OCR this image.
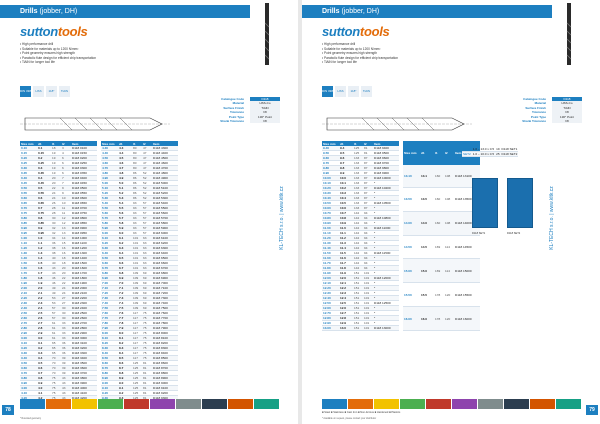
Drills (jobber, DH)
suttontools
• High performance drill
• Suitable for materials up to 1200 N/mm²
• Point geometry ensures high strength
• Parabolic flute design for efficient chip transportation
• TiAlN for longer tool life
DIN 338	HSS	118°	TiAlN
Catalogue Code	D118
Material	HSS-Co
Surface Finish	TiAlN
Tolerance	h8
Point Type	130° Point
Shank Tolerance	h8
Size mm	d1	l1	l2	Item
0.10	0.1	18	3	D118 0100
0.15	0.15	19	4	D118 0150
0.20	0.2	19	6	D118 0200
0.25	0.25	19	6	D118 0250
0.30	0.3	19	6	D118 0300
0.35	0.35	19	6	D118 0350
0.40	0.4	20	7	D118 0400
0.45	0.45	20	7	D118 0450
0.50	0.5	22	9	D118 0500
0.55	0.55	24	9	D118 0550
0.60	0.6	24	10	D118 0600
0.65	0.65	26	10	D118 0650
0.70	0.7	28	11	D118 0700
0.75	0.75	28	11	D118 0750
0.80	0.8	30	12	D118 0800
0.85	0.85	30	12	D118 0850
0.90	0.9	32	13	D118 0900
0.95	0.95	32	13	D118 0950
1.00	1.0	34	14	D118 1000
1.10	1.1	36	15	D118 1100
1.20	1.2	38	16	D118 1200
1.30	1.3	38	16	D118 1300
1.40	1.4	40	18	D118 1400
1.50	1.5	40	18	D118 1500
1.60	1.6	43	20	D118 1600
1.70	1.7	43	20	D118 1700
1.80	1.8	46	22	D118 1800
1.90	1.9	46	22	D118 1900
2.00	2.0	49	24	D118 2000
2.10	2.1	49	24	D118 2100
2.20	2.2	53	27	D118 2200
2.30	2.3	53	27	D118 2300
2.40	2.4	57	30	D118 2400
2.50	2.5	57	30	D118 2500
2.60	2.6	57	30	D118 2600
2.70	2.7	61	33	D118 2700
2.80	2.8	61	33	D118 2800
2.90	2.9	61	33	D118 2900
3.00	3.0	61	33	D118 3000
3.10	3.1	65	36	D118 3100
3.20	3.2	65	36	D118 3200
3.30	3.3	65	36	D118 3300
3.40	3.4	70	39	D118 3400
3.50	3.5	70	39	D118 3500
3.60	3.6	70	39	D118 3600
3.70	3.7	70	39	D118 3700
3.80	3.8	75	43	D118 3800
3.90	3.9	75	43	D118 3900
4.00	4.0	75	43	D118 4000
4.10	4.1	75	43	D118 4100

Size mm	d1	l1	l2	Item
4.30	4.3	80	47	D118 4300
4.40	4.4	80	47	D118 4400
4.50	4.5	80	47	D118 4500
4.60	4.6	80	47	D118 4600
4.70	4.7	80	47	D118 4700
4.80	4.8	86	52	D118 4800
4.90	4.9	86	52	D118 4900
5.00	5.0	86	52	D118 5000
5.10	5.1	86	52	D118 5100
5.20	5.2	86	52	D118 5200
5.30	5.3	86	52	D118 5300
5.40	5.4	93	57	D118 5400
5.50	5.5	93	57	D118 5500
5.60	5.6	93	57	D118 5600
5.70	5.7	93	57	D118 5700
5.80	5.8	93	57	D118 5800
5.90	5.9	93	57	D118 5900
6.00	6.0	93	57	D118 6000
6.10	6.1	101	63	D118 6100
6.20	6.2	101	63	D118 6200
6.30	6.3	101	63	D118 6300
6.40	6.4	101	63	D118 6400
6.50	6.5	101	63	D118 6500
6.60	6.6	101	63	D118 6600
6.70	6.7	101	63	D118 6700
6.80	6.8	109	69	D118 6800
6.90	6.9	109	69	D118 6900
7.00	7.0	109	69	D118 7000
7.10	7.1	109	69	D118 7100
7.20	7.2	109	69	D118 7200
7.30	7.3	109	69	D118 7300
7.40	7.4	109	69	D118 7400
7.50	7.5	109	69	D118 7500
7.60	7.6	117	75	D118 7600
7.70	7.7	117	75	D118 7700
7.80	7.8	117	75	D118 7800
7.90	7.9	117	75	D118 7900
8.00	8.0	117	75	D118 8000
8.10	8.1	117	75	D118 8100
8.20	8.2	117	75	D118 8200
8.30	8.3	117	75	D118 8300
8.40	8.4	117	75	D118 8400
8.50	8.5	117	75	D118 8500
8.60	8.6	125	81	D118 8600
8.70	8.7	125	81	D118 8700
8.80	8.8	125	81	D118 8800
8.90	8.9	125	81	D118 8900
9.00	9.0	125	81	D118 9000
9.10	9.1	125	81	D118 9100
9.20	9.2	125	81	D118 9200

KL-TECH s.r.o. | www.kltk.cz
* Rounded geometry
78
Drills (jobber, DH)
suttontools
• High performance drill
• Suitable for materials up to 1200 N/mm²
• Point geometry ensures high strength
• Parabolic flute design for efficient chip transportation
• TiAlN for longer tool life
DIN 338	HSS	118°	TiAlN
Catalogue Code	D118
Material	HSS-Co
Surface Finish	TiAlN
Tolerance	h8
Point Type	130° Point
Shank Tolerance	h8
Size mm	d1	l1	l2	Item
9.40	9.4	125	81	D118 9400
9.50	9.5	125	81	D118 9500
9.60	9.6	133	87	D118 9600
9.70	9.7	133	87	D118 9700
9.80	9.8	133	87	D118 9800
9.90	9.9	133	87	D118 9900
10.00	10.0	133	87	D118 10000
10.10	10.1	133	87	*
10.20	10.2	133	87	D118 10200
10.30	10.3	133	87	*
10.40	10.4	133	87	*
10.50	10.5	133	87	D118 10500
10.60	10.6	133	87	*
10.70	10.7	142	94	*
10.80	10.8	142	94	D118 10800
10.90	10.9	142	94	*
11.00	11.0	142	94	D118 11000
11.10	11.1	142	94	*
11.20	11.2	142	94	*
11.30	11.3	142	94	*
11.40	11.4	142	94	*
11.50	11.5	142	94	D118 11500
11.60	11.6	142	94	*
11.70	11.7	142	94	*
11.80	11.8	142	94	*
11.90	11.9	151	101	*
12.00	12.0	151	101	D118 12000
12.10	12.1	151	101	*
12.20	12.2	151	101	*
12.30	12.3	151	101	*
12.40	12.4	151	101	*
12.50	12.5	151	101	D118 12500
12.60	12.6	151	101	*
12.70	12.7	151	101	*
12.80	12.8	151	101	*
12.90	12.9	151	101	*
13.00	13.0	151	101	D118 13000
Size mm	d1	l1	l2	Item
13.10	13.1	160	108	D118 13100
13.50	13.5	160	108	D118 13500
14.00	14.0	160	108	D118 14000
14.50	14.5	169	114	D118 14500
15.00	15.0	169	114	D118 15000
15.50	15.5	178	120	D118 15500
16.00	16.0	178	120	D118 16000
Sets
SET1	1.0 – 13.0 x 0.5	19	D118 SET1
SET2	1.0 – 10.0 x 0.5	25	D118 SET2
D118 SET1	D118 SET2	KL-TECH s.r.o. | www.kltk.cz
■ Steel ■ Stainless ■ Cast Iron ■ Non-ferrous ■ Hardened ■ Plastics
* Available on request, please contact your distributor
79
